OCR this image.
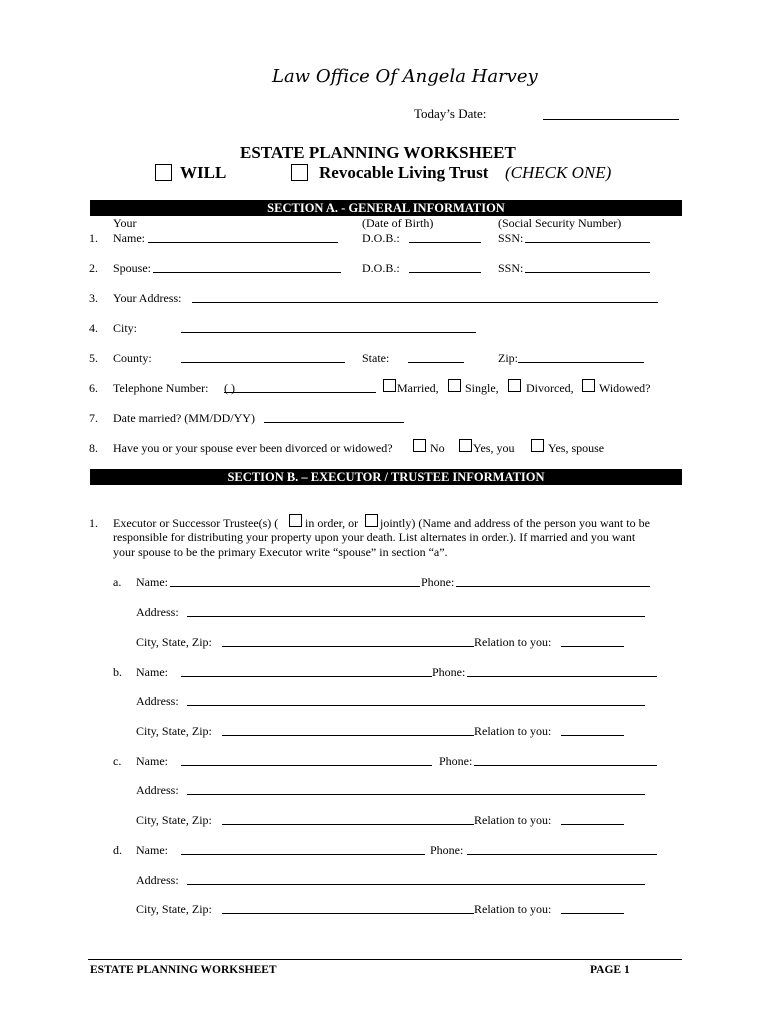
Law Office Of Angela Harvey
Today’s Date:
ESTATE PLANNING WORKSHEET
WILL	Revocable Living Trust (CHECK ONE)
SECTION A. - GENERAL INFORMATION
Your	(Date of Birth)	(Social Security Number)
1. Name:	D.O.B.:	SSN:
2. Spouse:	D.O.B.:	SSN:
3. Your Address:
4. City:
5. County:	State:	Zip:
6. Telephone Number: ( )	Married, Single, Divorced, Widowed?
7. Date married? (MM/DD/YY)
8. Have you or your spouse ever been divorced or widowed?	No Yes, you	Yes, spouse
SECTION B. – EXECUTOR / TRUSTEE INFORMATION
1. Executor or Successor Trustee(s) ( in order, or jointly) (Name and address of the person you want to be
responsible for distributing your property upon your death. List alternates in order.). If married and you want
your spouse to be the primary Executor write “spouse” in section “a”.
a. Name:	Phone:
Address:
City, State, Zip:	Relation to you:
b. Name:	Phone:
Address:
City, State, Zip:	Relation to you:
c. Name:	Phone:
Address:
City, State, Zip:	Relation to you:
d. Name:	Phone:
Address:
City, State, Zip:	Relation to you:
ESTATE PLANNING WORKSHEET	PAGE 1
